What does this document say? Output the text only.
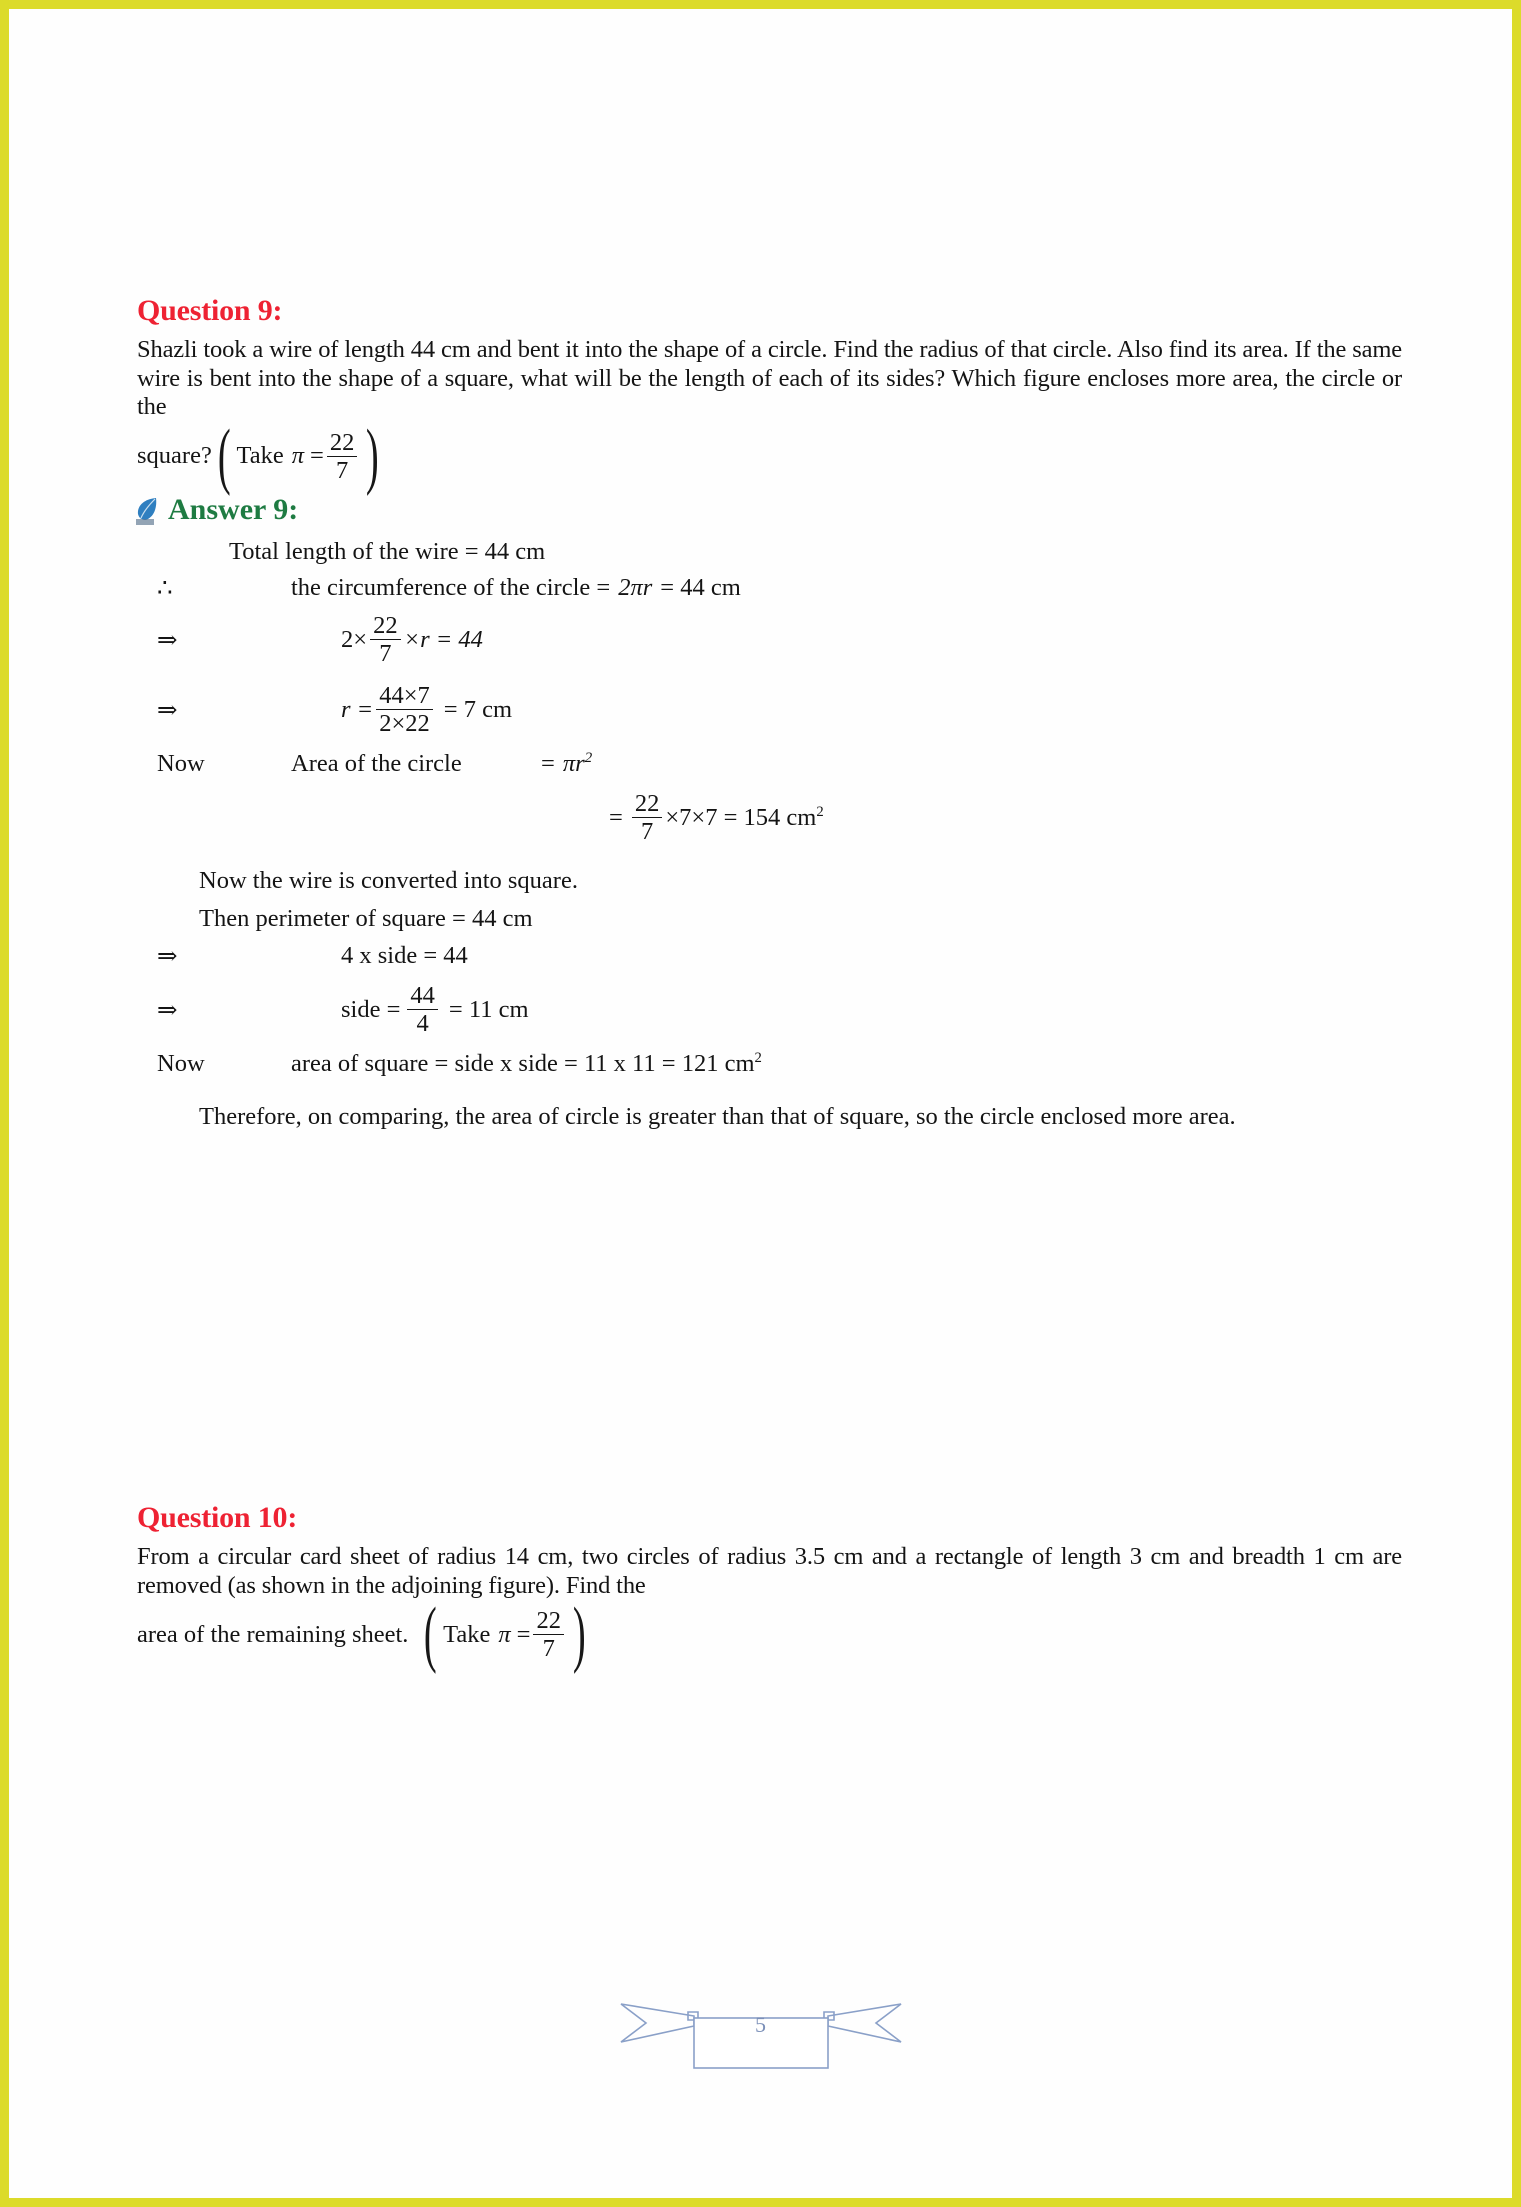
Question 9:

Shazli took a wire of length 44 cm and bent it into the shape of a circle. Find the radius of that circle. Also find its area. If the same wire is bent into the shape of a square, what will be the length of each of its sides? Which figure encloses more area, the circle or the

square? ( Take $\pi = \frac{22}{7}$ )
Answer 9:
Total length of the wire = 44 cm
∴	the circumference of the circle = 2πr = 44 cm
⇒	$2\times \frac{22}{7} \times r = 44$
⇒	$r = \frac{44\times 7}{2\times 22} = 7$ cm
Now	Area of the circle	= $\pi r^2$
= $\frac{22}{7} \times 7\times 7 = 154$ $cm^2$
Now the wire is converted into square.
Then perimeter of square = 44 cm
⇒	4 x side = 44
⇒	side = $\frac{44}{4} = 11$ cm
Now	area of square = side x side = 11 x 11 = 121 $cm^2$
Therefore, on comparing, the area of circle is greater than that of square, so the circle enclosed more area.
Question 10:

From a circular card sheet of radius 14 cm, two circles of radius 3.5 cm and a rectangle of length 3 cm and breadth 1 cm are removed (as shown in the adjoining figure). Find the

area of the remaining sheet. ( Take $\pi = \frac{22}{7}$ )
5
